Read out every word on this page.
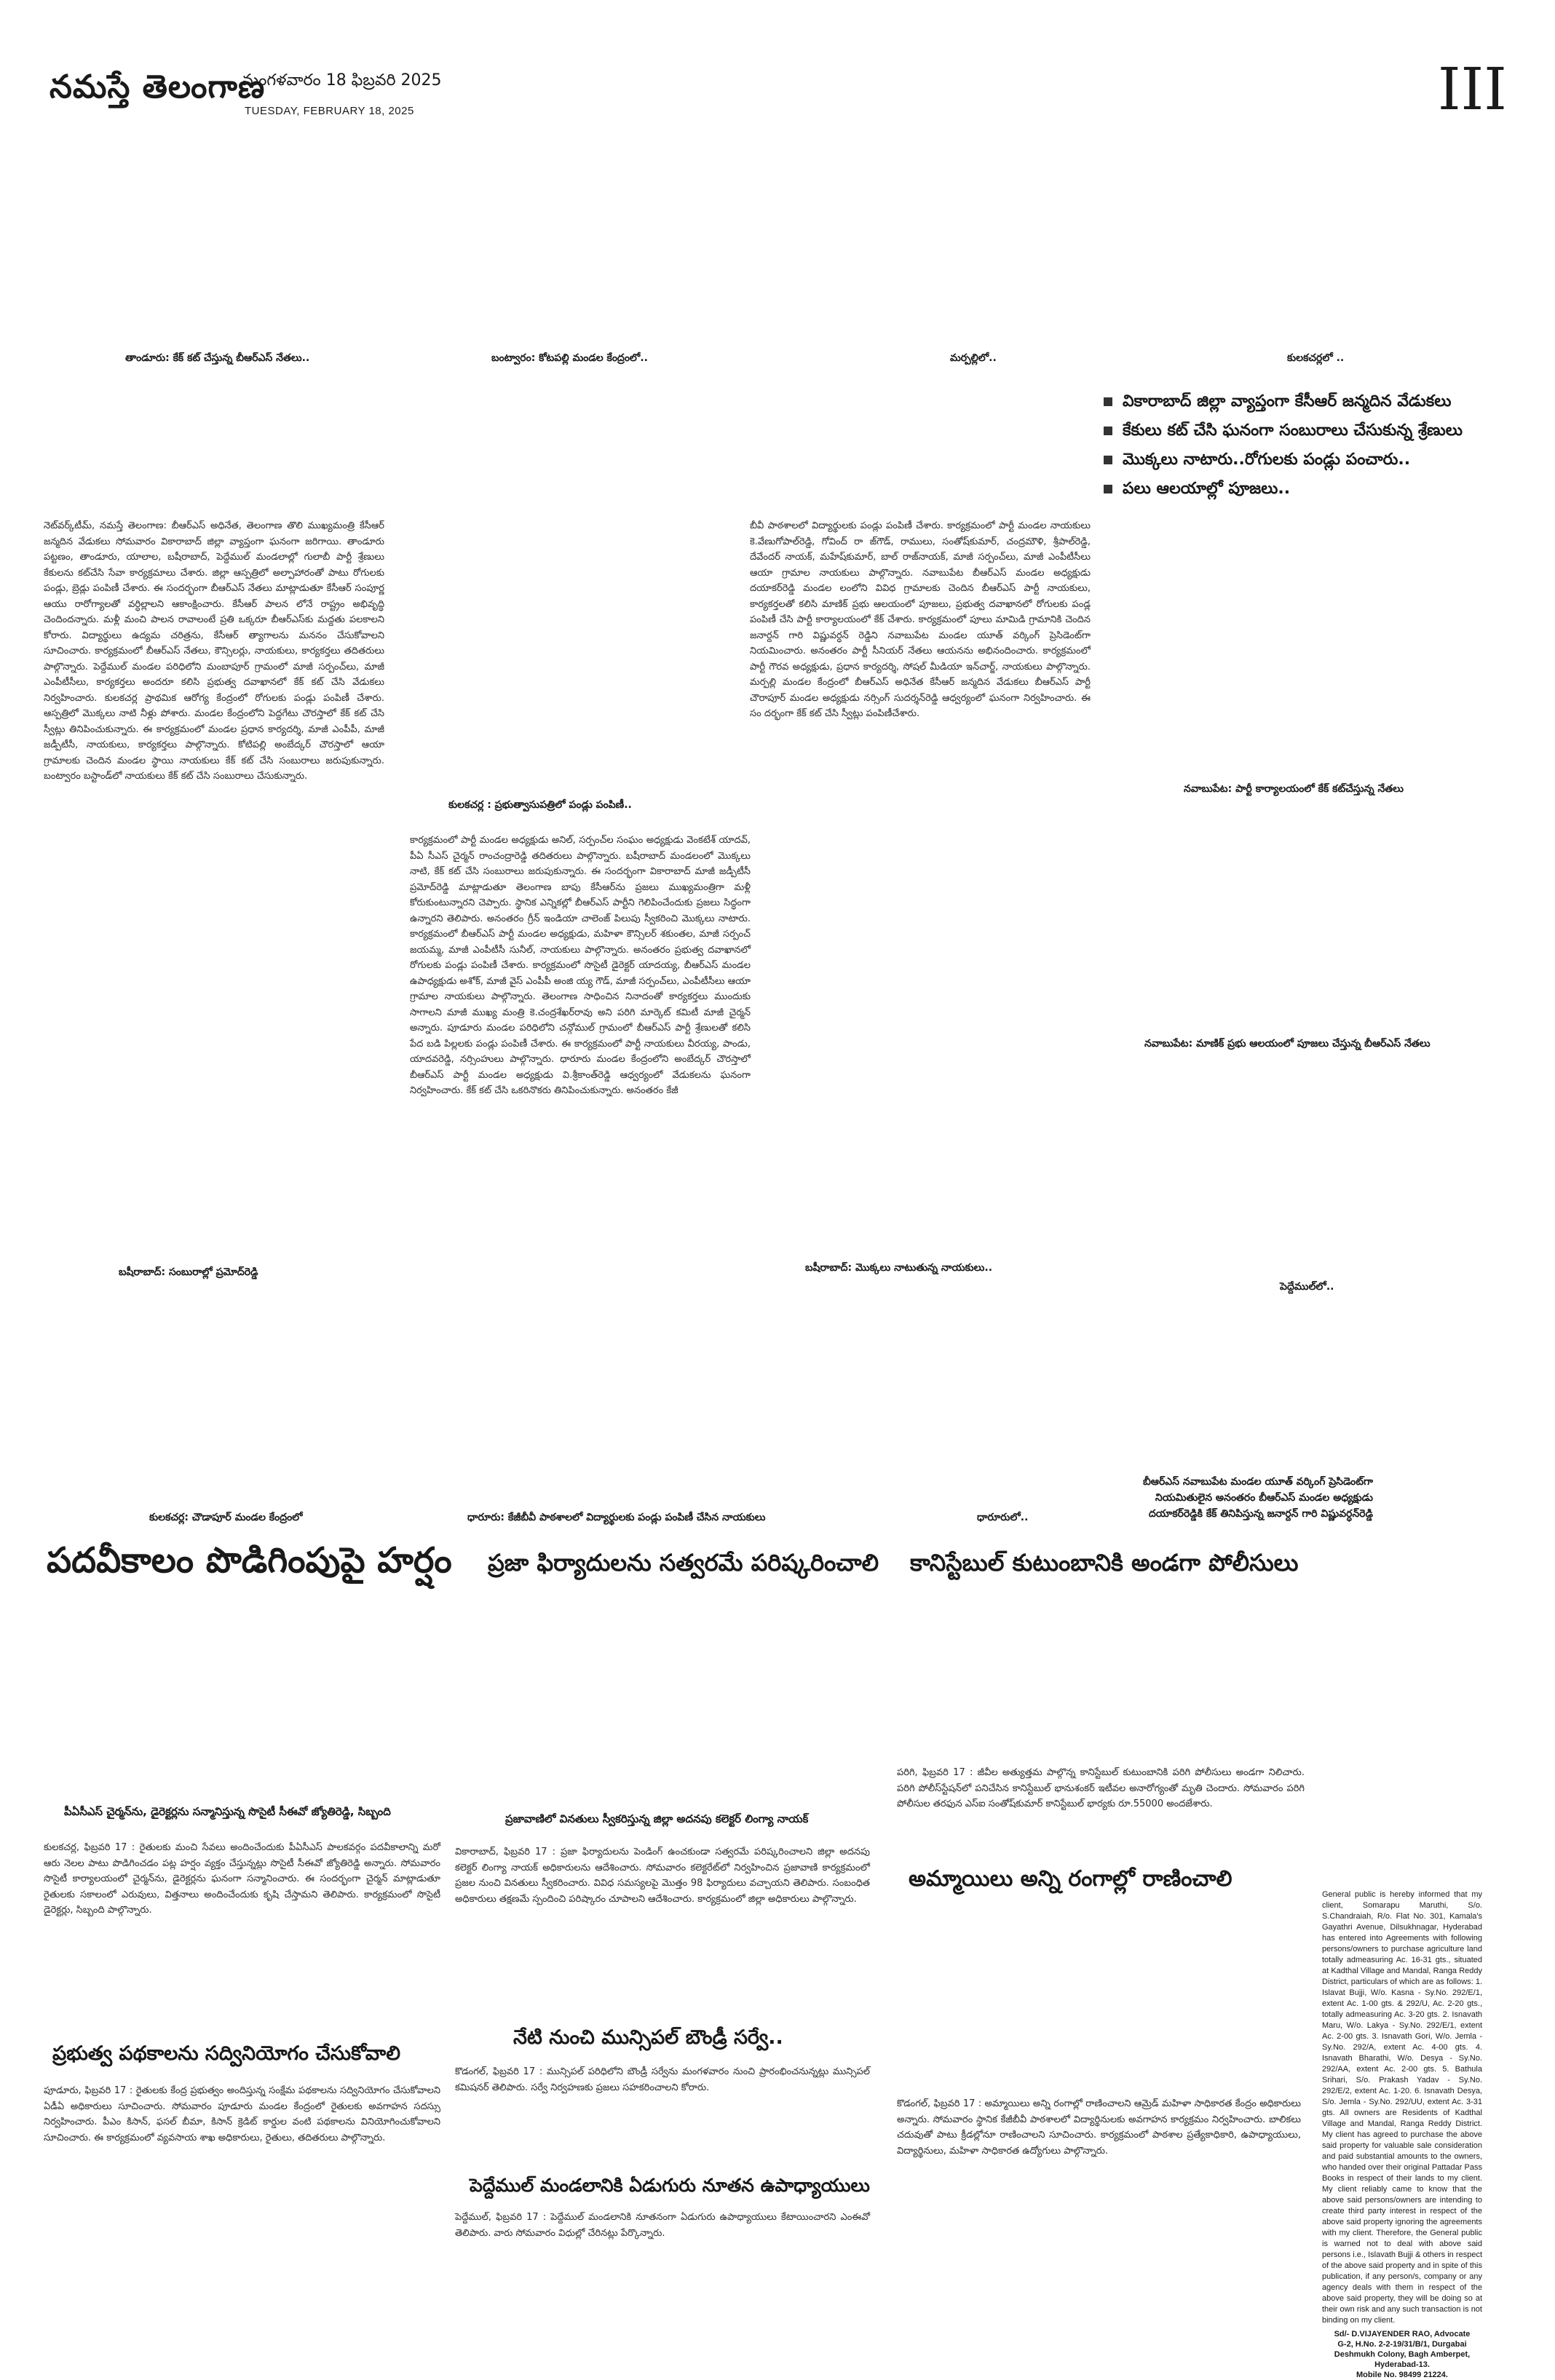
నమస్తే తెలంగాణ
మంగళవారం 18 ఫిబ్రవరి 2025
TUESDAY, FEBRUARY 18, 2025	III
తాండూరు: కేక్ కట్ చేస్తున్న బీఆర్ఎస్ నేతలు..	బంట్వారం: కోటపల్లి మండల కేంద్రంలో..	మర్పల్లిలో..	కులకచర్లలో ..
వికారాబాద్ జిల్లా వ్యాప్తంగా కేసీఆర్ జన్మదిన వేడుకలు
కేకులు కట్ చేసి ఘనంగా సంబురాలు చేసుకున్న శ్రేణులు
మొక్కలు నాటారు..రోగులకు పండ్లు పంచారు..
పలు ఆలయాల్లో పూజలు..
నెట్‌వర్క్‌టీమ్, నమస్తే తెలంగాణ: బీఆర్ఎస్ అధినేత, తెలంగాణ తొలి ముఖ్యమంత్రి కేసీఆర్ జన్మదిన వేడుకలు సోమవారం వికారాబాద్ జిల్లా వ్యాప్తంగా ఘనంగా జరిగాయి. తాండూరు పట్టణం, తాండూరు, యాలాల, బషీరాబాద్, పెద్దేముల్ మండలాల్లో గులాబీ పార్టీ శ్రేణులు కేకులను కట్‌చేసి సేవా కార్యక్రమాలు చేశారు. జిల్లా ఆస్పత్రిలో అల్పాహారంతో పాటు రోగులకు పండ్లు, బ్రెడ్లు పంపిణీ చేశారు. ఈ సందర్భంగా బీఆర్ఎస్ నేతలు మాట్లాడుతూ కేసీఆర్ సంపూర్ణ ఆయు రారోగ్యాలతో వర్ధిల్లాలని ఆకాంక్షించారు. కేసీఆర్ పాలన లోనే రాష్ట్రం అభివృద్ధి చెందిందన్నారు. మళ్లీ మంచి పాలన రావాలంటే ప్రతి ఒక్కరూ బీఆర్ఎస్‌కు మద్దతు పలకాలని కోరారు. విద్యార్థులు ఉద్యమ చరిత్రను, కేసీఆర్ త్యాగాలను మననం చేసుకోవాలని సూచించారు. కార్యక్రమంలో బీఆర్ఎస్ నేతలు, కౌన్సిలర్లు, నాయకులు, కార్యకర్తలు తదితరులు పాల్గొన్నారు. పెద్దేముల్ మండల పరిధిలోని మంబాపూర్ గ్రామంలో మాజీ సర్పంచ్‌లు, మాజీ ఎంపీటీసీలు, కార్యకర్తలు అందరూ కలిసి ప్రభుత్వ దవాఖానలో కేక్ కట్ చేసి వేడుకలు నిర్వహించారు. కులకచర్ల ప్రాథమిక ఆరోగ్య కేంద్రంలో రోగులకు పండ్లు పంపిణీ చేశారు. ఆస్పత్రిలో మొక్కలు నాటి నీళ్లు పోశారు. మండల కేంద్రంలోని పెద్దగేటు చౌరస్తాలో కేక్ కట్ చేసి స్వీట్లు తినిపించుకున్నారు. ఈ కార్యక్రమంలో మండల ప్రధాన కార్యదర్శి, మాజీ ఎంపీపీ, మాజీ జడ్పీటీసీ, నాయకులు, కార్యకర్తలు పాల్గొన్నారు. కోటిపల్లి అంబేద్కర్ చౌరస్తాలో ఆయా గ్రామాలకు చెందిన మండల స్థాయి నాయకులు కేక్ కట్ చేసి సంబురాలు జరుపుకున్నారు. బంట్వారం బస్టాండ్‌లో నాయకులు కేక్ కట్ చేసి సంబురాలు చేసుకున్నారు.
కులకచర్ల : ప్రభుత్వాసుపత్రిలో పండ్లు పంపిణీ..
కార్యక్రమంలో పార్టీ మండల అధ్యక్షుడు అనిల్, సర్పంచ్‌ల సంఘం అధ్యక్షుడు వెంకటేశ్ యాదవ్, పీఏ సీఎస్ చైర్మన్ రాంచంద్రారెడ్డి తదితరులు పాల్గొన్నారు. బషీరాబాద్ మండలంలో మొక్కలు నాటి, కేక్ కట్ చేసి సంబురాలు జరుపుకున్నారు. ఈ సందర్భంగా వికారాబాద్ మాజీ జడ్పీటీసీ ప్రమోద్‌రెడ్డి మాట్లాడుతూ తెలంగాణ బాపు కేసీఆర్‌ను ప్రజలు ముఖ్యమంత్రిగా మళ్లీ కోరుకుంటున్నారని చెప్పారు. స్థానిక ఎన్నికల్లో బీఆర్ఎస్ పార్టీని గెలిపించేందుకు ప్రజలు సిద్ధంగా ఉన్నారని తెలిపారు. అనంతరం గ్రీన్ ఇండియా చాలెంజ్ పిలుపు స్వీకరించి మొక్కలు నాటారు. కార్యక్రమంలో బీఆర్ఎస్ పార్టీ మండల అధ్యక్షుడు, మహిళా కౌన్సిలర్ శకుంతల, మాజీ సర్పంచ్ జయమ్మ, మాజీ ఎంపీటీసీ సునీల్, నాయకులు పాల్గొన్నారు. అనంతరం ప్రభుత్వ దవాఖానలో రోగులకు పండ్లు పంపిణీ చేశారు. కార్యక్రమంలో సొసైటీ డైరెక్టర్ యాదయ్య, బీఆర్ఎస్ మండల ఉపాధ్యక్షుడు అశోక్, మాజీ వైస్ ఎంపీపీ అంజి య్య గౌడ్, మాజీ సర్పంచ్‌లు, ఎంపీటీసీలు ఆయా గ్రామాల నాయకులు పాల్గొన్నారు. తెలంగాణ సాధించిన నినాదంతో కార్యకర్తలు ముందుకు సాగాలని మాజీ ముఖ్య మంత్రి కె.చంద్రశేఖర్‌రావు అని పరిగి మార్కెట్ కమిటీ మాజీ చైర్మన్ అన్నారు. పూడూరు మండల పరిధిలోని చన్గోముల్ గ్రామంలో బీఆర్ఎస్ పార్టీ శ్రేణులతో కలిసి పేద బడి పిల్లలకు పండ్లు పంపిణీ చేశారు. ఈ కార్యక్రమంలో పార్టీ నాయకులు వీరయ్య, పాండు, యాదవరెడ్డి, నర్సింహులు పాల్గొన్నారు. ధారూరు మండల కేంద్రంలోని అంబేద్కర్ చౌరస్తాలో బీఆర్ఎస్ పార్టీ మండల అధ్యక్షుడు వి.శ్రీకాంత్‌రెడ్డి ఆధ్వర్యంలో వేడుకలను ఘనంగా నిర్వహించారు. కేక్ కట్ చేసి ఒకరినొకరు తినిపించుకున్నారు. అనంతరం కేజీ
బీవీ పాఠశాలలో విద్యార్థులకు పండ్లు పంపిణీ చేశారు. కార్యక్రమంలో పార్టీ మండల నాయకులు కె.వేణుగోపాల్‌రెడ్డి, గోవింద్ రా జ్‌గౌడ్, రాములు, సంతోష్‌కుమార్, చంద్రమౌళి, శ్రీపాల్‌రెడ్డి, దేవేందర్ నాయక్, మహేష్‌కుమార్, బాల్ రాజ్‌నాయక్, మాజీ సర్పంచ్‌లు, మాజీ ఎంపీటీసీలు ఆయా గ్రామాల నాయకులు పాల్గొన్నారు. నవాబుపేట బీఆర్ఎస్ మండల అధ్యక్షుడు దయాకర్‌రెడ్డి మండల లంలోని వివిధ గ్రామాలకు చెందిన బీఆర్ఎస్ పార్టీ నాయకులు, కార్యకర్తలతో కలిసి మాణిక్ ప్రభు ఆలయంలో పూజలు, ప్రభుత్వ దవాఖానలో రోగులకు పండ్ల పంపిణీ చేసి పార్టీ కార్యాలయంలో కేక్ చేశారు. కార్యక్రమంలో పూలు మామిడి గ్రామానికి చెందిన జనార్దన్ గారి విష్ణువర్ధన్ రెడ్డిని నవాబుపేట మండల యూత్ వర్కింగ్ ప్రెసిడెంట్‌గా నియమించారు. అనంతరం పార్టీ సీనియర్ నేతలు ఆయనను అభినందించారు. కార్యక్రమంలో పార్టీ గౌరవ అధ్యక్షుడు, ప్రధాన కార్యదర్శి, సోషల్ మీడియా ఇన్‌చార్జ్, నాయకులు పాల్గొన్నారు. మర్పల్లి మండల కేంద్రంలో బీఆర్ఎస్ అధినేత కేసీఆర్ జన్మదిన వేడుకలు బీఆర్ఎస్ పార్టీ చౌరాపూర్ మండల అధ్యక్షుడు నర్సింగ్ సుదర్శన్‌రెడ్డి ఆధ్వర్యంలో ఘనంగా నిర్వహించారు. ఈ సం దర్భంగా కేక్ కట్ చేసి స్వీట్లు పంపిణీచేశారు.
నవాబుపేట: పార్టీ కార్యాలయంలో కేక్ కట్‌చేస్తున్న నేతలు
నవాబుపేట: మాణిక్ ప్రభు ఆలయంలో పూజలు చేస్తున్న బీఆర్ఎస్ నేతలు
బషీరాబాద్: సంబురాల్లో ప్రమోద్‌రెడ్డి	బషీరాబాద్: మొక్కలు నాటుతున్న నాయకులు..
పెద్దేముల్‌లో..
బీఆర్ఎస్ నవాబుపేట మండల యూత్ వర్కింగ్ ప్రెసిడెంట్‌గా
నియమితులైన అనంతరం బీఆర్ఎస్ మండల అధ్యక్షుడు
దయాకర్‌రెడ్డికి కేక్ తినిపిస్తున్న జనార్దన్ గారి విష్ణువర్ధన్‌రెడ్డి
కులకచర్ల: చౌడాపూర్ మండల కేంద్రంలో	ధారూరు: కేజీబీవీ పాఠశాలలో విద్యార్థులకు పండ్లు పంపిణీ చేసిన నాయకులు	ధారూరులో..
పదవీకాలం పొడిగింపుపై హర్షం ప్రజా ఫిర్యాదులను సత్వరమే పరిష్కరించాలి కానిస్టేబుల్ కుటుంబానికి అండగా పోలీసులు
పీఏసీఎస్ చైర్మన్‌ను, డైరెక్టర్లను సన్మానిస్తున్న సొసైటీ సీఈవో జ్యోతిరెడ్డి, సిబ్బంది
కులకచర్ల, ఫిబ్రవరి 17 : రైతులకు మంచి సేవలు అందించేందుకు పీఏసీఎస్ పాలకవర్గం పదవీకాలాన్ని మరో ఆరు నెలల పాటు పొడిగించడం పట్ల హర్షం వ్యక్తం చేస్తున్నట్లు సొసైటీ సీఈవో జ్యోతిరెడ్డి అన్నారు. సోమవారం సొసైటీ కార్యాలయంలో చైర్మన్‌ను, డైరెక్టర్లను ఘనంగా సన్మానించారు. ఈ సందర్భంగా చైర్మన్ మాట్లాడుతూ రైతులకు సకాలంలో ఎరువులు, విత్తనాలు అందించేందుకు కృషి చేస్తామని తెలిపారు. కార్యక్రమంలో సొసైటీ డైరెక్టర్లు, సిబ్బంది పాల్గొన్నారు.
ప్రభుత్వ పథకాలను సద్వినియోగం చేసుకోవాలి
పూడూరు, ఫిబ్రవరి 17 : రైతులకు కేంద్ర ప్రభుత్వం అందిస్తున్న సంక్షేమ పథకాలను సద్వినియోగం చేసుకోవాలని ఏడీఏ అధికారులు సూచించారు. సోమవారం పూడూరు మండల కేంద్రంలో రైతులకు అవగాహన సదస్సు నిర్వహించారు. పీఎం కిసాన్, ఫసల్ బీమా, కిసాన్ క్రెడిట్ కార్డుల వంటి పథకాలను వినియోగించుకోవాలని సూచించారు. ఈ కార్యక్రమంలో వ్యవసాయ శాఖ అధికారులు, రైతులు, తదితరులు పాల్గొన్నారు.
ప్రజావాణిలో వినతులు స్వీకరిస్తున్న జిల్లా అదనపు కలెక్టర్ లింగ్యా నాయక్
వికారాబాద్, ఫిబ్రవరి 17 : ప్రజా ఫిర్యాదులను పెండింగ్ ఉంచకుండా సత్వరమే పరిష్కరించాలని జిల్లా అదనపు కలెక్టర్ లింగ్యా నాయక్ అధికారులను ఆదేశించారు. సోమవారం కలెక్టరేట్‌లో నిర్వహించిన ప్రజావాణి కార్యక్రమంలో ప్రజల నుంచి వినతులు స్వీకరించారు. వివిధ సమస్యలపై మొత్తం 98 ఫిర్యాదులు వచ్చాయని తెలిపారు. సంబంధిత అధికారులు తక్షణమే స్పందించి పరిష్కారం చూపాలని ఆదేశించారు. కార్యక్రమంలో జిల్లా అధికారులు పాల్గొన్నారు.
నేటి నుంచి మున్సిపల్ బౌండ్రీ సర్వే..
కొడంగల్, ఫిబ్రవరి 17 : మున్సిపల్ పరిధిలోని బౌండ్రీ సర్వేను మంగళవారం నుంచి ప్రారంభించనున్నట్లు మున్సిపల్ కమిషనర్ తెలిపారు. సర్వే నిర్వహణకు ప్రజలు సహకరించాలని కోరారు.
పెద్దేముల్ మండలానికి ఏడుగురు నూతన ఉపాధ్యాయులు
పెద్దేముల్, ఫిబ్రవరి 17 : పెద్దేముల్ మండలానికి నూతనంగా ఏడుగురు ఉపాధ్యాయులు కేటాయించారని ఎంఈవో తెలిపారు. వారు సోమవారం విధుల్లో చేరినట్లు పేర్కొన్నారు.
పరిగి, ఫిబ్రవరి 17 : జీవీల అత్యుత్తమ పాల్గొన్న కానిస్టేబుల్ కుటుంబానికి పరిగి పోలీసులు అండగా నిలిచారు. పరిగి పోలీస్‌స్టేషన్‌లో పనిచేసిన కానిస్టేబుల్ భానుశంకర్ ఇటీవల అనారోగ్యంతో మృతి చెందారు. సోమవారం పరిగి పోలీసుల తరఫున ఎస్ఐ సంతోష్‌కుమార్ కానిస్టేబుల్ భార్యకు రూ.55000 అందజేశారు.
అమ్మాయిలు అన్ని రంగాల్లో రాణించాలి
కొడంగల్, ఫిబ్రవరి 17 : అమ్మాయిలు అన్ని రంగాల్లో రాణించాలని ఆమ్రెడ్ మహిళా సాధికారత కేంద్రం అధికారులు అన్నారు. సోమవారం స్థానిక కేజీబీవీ పాఠశాలలో విద్యార్థినులకు అవగాహన కార్యక్రమం నిర్వహించారు. బాలికలు చదువుతో పాటు క్రీడల్లోనూ రాణించాలని సూచించారు. కార్యక్రమంలో పాఠశాల ప్రత్యేకాధికారి, ఉపాధ్యాయులు, విద్యార్థినులు, మహిళా సాధికారత ఉద్యోగులు పాల్గొన్నారు.
General public is hereby informed that my client, Somarapu Maruthi, S/o. S.Chandraiah, R/o. Flat No. 301, Kamala's Gayathri Avenue, Dilsukhnagar, Hyderabad has entered into Agreements with following persons/owners to purchase agriculture land totally admeasuring Ac. 16-31 gts., situated at Kadthal Village and Mandal, Ranga Reddy District, particulars of which are as follows: 1. Islavat Bujji, W/o. Kasna - Sy.No. 292/E/1, extent Ac. 1-00 gts. & 292/U, Ac. 2-20 gts., totally admeasuring Ac. 3-20 gts. 2. Isnavath Maru, W/o. Lakya - Sy.No. 292/E/1, extent Ac. 2-00 gts. 3. Isnavath Gori, W/o. Jemla - Sy.No. 292/A, extent Ac. 4-00 gts. 4. Isnavath Bharathi, W/o. Desya - Sy.No. 292/AA, extent Ac. 2-00 gts. 5. Bathula Srihari, S/o. Prakash Yadav - Sy.No. 292/E/2, extent Ac. 1-20. 6. Isnavath Desya, S/o. Jemla - Sy.No. 292/UU, extent Ac. 3-31 gts. All owners are Residents of Kadthal Village and Mandal, Ranga Reddy District. My client has agreed to purchase the above said property for valuable sale consideration and paid substantial amounts to the owners, who handed over their original Pattadar Pass Books in respect of their lands to my client. My client reliably came to know that the above said persons/owners are intending to create third party interest in respect of the above said property ignoring the agreements with my client. Therefore, the General public is warned not to deal with above said persons i.e., Islavath Bujji & others in respect of the above said property and in spite of this publication, if any person/s, company or any agency deals with them in respect of the above said property, they will be doing so at their own risk and any such transaction is not binding on my client.
Sd/- D.VIJAYENDER RAO, Advocate
G-2, H.No. 2-2-19/31/B/1, Durgabai Deshmukh Colony, Bagh Amberpet, Hyderabad-13.
Mobile No. 98499 21224.
